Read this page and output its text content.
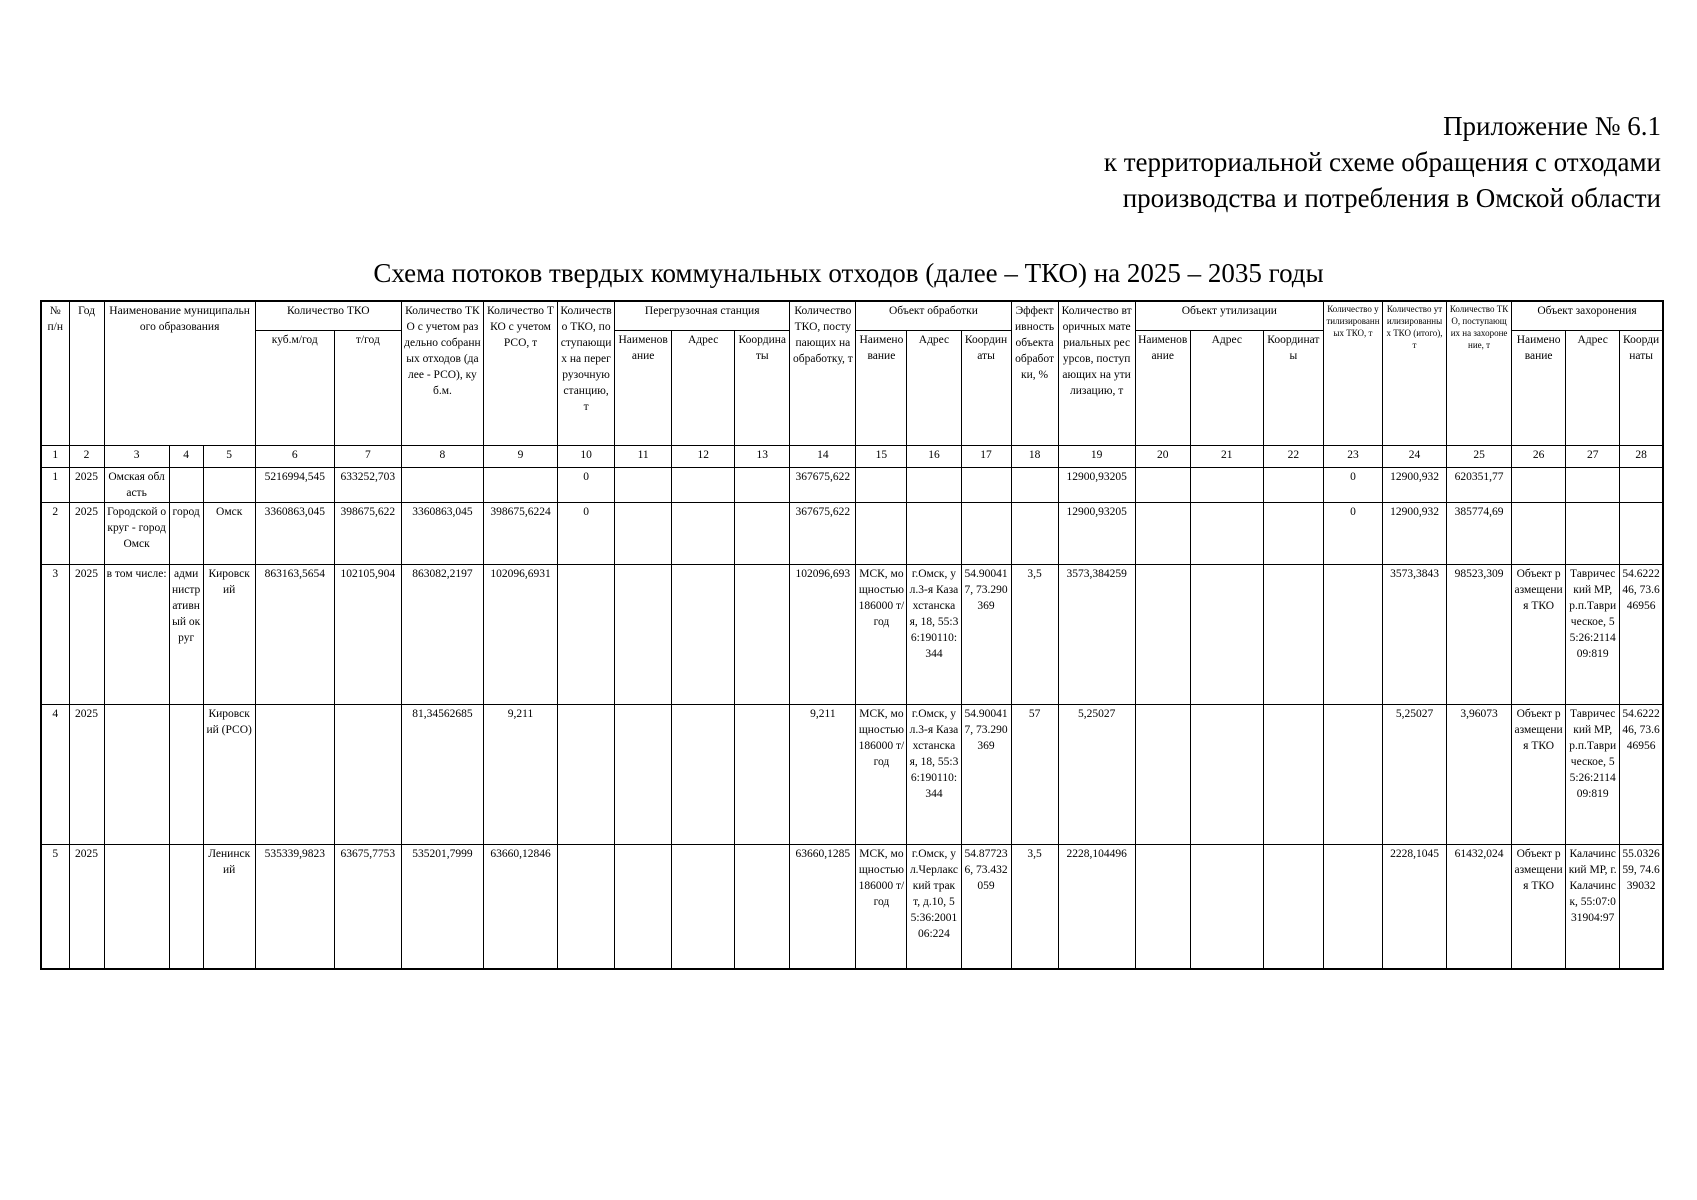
Приложение № 6.1
к территориальной схеме обращения с отходами
производства и потребления в Омской области
Схема потоков твердых коммунальных отходов (далее – ТКО) на 2025 – 2035 годы
№ п/н	Год	Наименование муниципального образования			Количество ТКО		Количество ТКО с учетом раздельно собранных отходов (далее - РСО), куб.м.	Количество ТКО с учетом РСО, т	Количество ТКО, поступающих на перегрузочную станцию, т	Перегрузочная станция			Количество ТКО, поступающих на обработку, т	Объект обработки			Эффективность объекта обработки, %	Количество вторичных материальных ресурсов, поступающих на утилизацию, т	Объект утилизации			Количество утилизированных ТКО, т	Количество утилизированных ТКО (итого), т	Количество ТКО, поступающих на захоронение, т	Объект захоронения		
					куб.м/год	т/год				Наименование	Адрес	Координаты		Наименование	Адрес	Координаты			Наименование	Адрес	Координаты				Наименование	Адрес	Координаты
1	2	3	4	5	6	7	8	9	10	11	12	13	14	15	16	17	18	19	20	21	22	23	24	25	26	27	28
1	2025	Омская область			5216994,545	633252,703			0				367675,622					12900,93205				0	12900,932	620351,77			
2	2025	Городской округ - город Омск	город	Омск	3360863,045	398675,622	3360863,045	398675,6224	0				367675,622					12900,93205				0	12900,932	385774,69			
3	2025	в том числе:	административный округ	Кировский	863163,5654	102105,904	863082,2197	102096,6931					102096,693	МСК, мощностью 186000 т/год	г.Омск, ул.3-я Казахстанская, 18, 55:36:190110:344	54.900417, 73.290369	3,5	3573,384259					3573,3843	98523,309	Объект размещения ТКО	Таврический МР, р.п.Таврическое, 55:26:211409:819	54.622246, 73.646956
4	2025			Кировский (РСО)			81,34562685	9,211					9,211	МСК, мощностью 186000 т/год	г.Омск, ул.3-я Казахстанская, 18, 55:36:190110:344	54.900417, 73.290369	57	5,25027					5,25027	3,96073	Объект размещения ТКО	Таврический МР, р.п.Таврическое, 55:26:211409:819	54.622246, 73.646956
5	2025			Ленинский	535339,9823	63675,7753	535201,7999	63660,12846					63660,1285	МСК, мощностью 186000 т/год	г.Омск, ул.Черлакский тракт, д.10, 55:36:200106:224	54.877236, 73.432059	3,5	2228,104496					2228,1045	61432,024	Объект размещения ТКО	Калачинский МР, г.Калачинск, 55:07:031904:97	55.032659, 74.639032
